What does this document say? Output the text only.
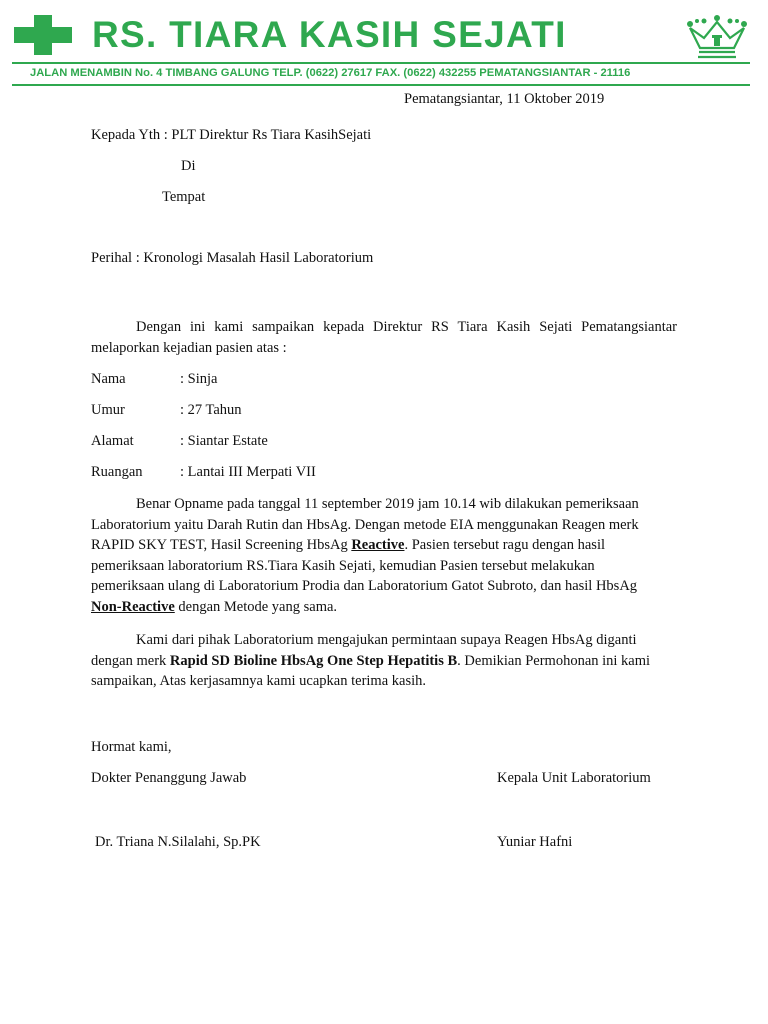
RS. TIARA KASIH SEJATI
JALAN MENAMBIN No. 4 TIMBANG GALUNG TELP. (0622) 27617 FAX. (0622) 432255 PEMATANGSIANTAR - 21116
Pematangsiantar, 11 Oktober 2019
Kepada Yth : PLT Direktur Rs Tiara KasihSejati
Di
Tempat
Perihal : Kronologi Masalah Hasil Laboratorium
Dengan ini kami sampaikan kepada Direktur RS Tiara Kasih Sejati Pematangsiantar melaporkan kejadian pasien atas :
Nama	: Sinja
Umur	: 27 Tahun
Alamat	: Siantar Estate
Ruangan	: Lantai III Merpati VII
Benar Opname pada tanggal 11 september 2019 jam 10.14 wib dilakukan pemeriksaan Laboratorium yaitu Darah Rutin dan HbsAg. Dengan metode EIA menggunakan Reagen merk RAPID SKY TEST, Hasil Screening HbsAg Reactive. Pasien tersebut ragu dengan hasil pemeriksaan laboratorium RS.Tiara Kasih Sejati, kemudian Pasien tersebut melakukan pemeriksaan ulang di Laboratorium Prodia dan Laboratorium Gatot Subroto, dan hasil HbsAg Non-Reactive dengan Metode yang sama.
Kami dari pihak Laboratorium mengajukan permintaan supaya Reagen HbsAg diganti dengan merk Rapid SD Bioline HbsAg One Step Hepatitis B. Demikian Permohonan ini kami sampaikan, Atas kerjasamnya kami ucapkan terima kasih.
Hormat kami,
Dokter Penanggung Jawab	Kepala Unit Laboratorium
Dr. Triana N.Silalahi, Sp.PK	Yuniar Hafni
